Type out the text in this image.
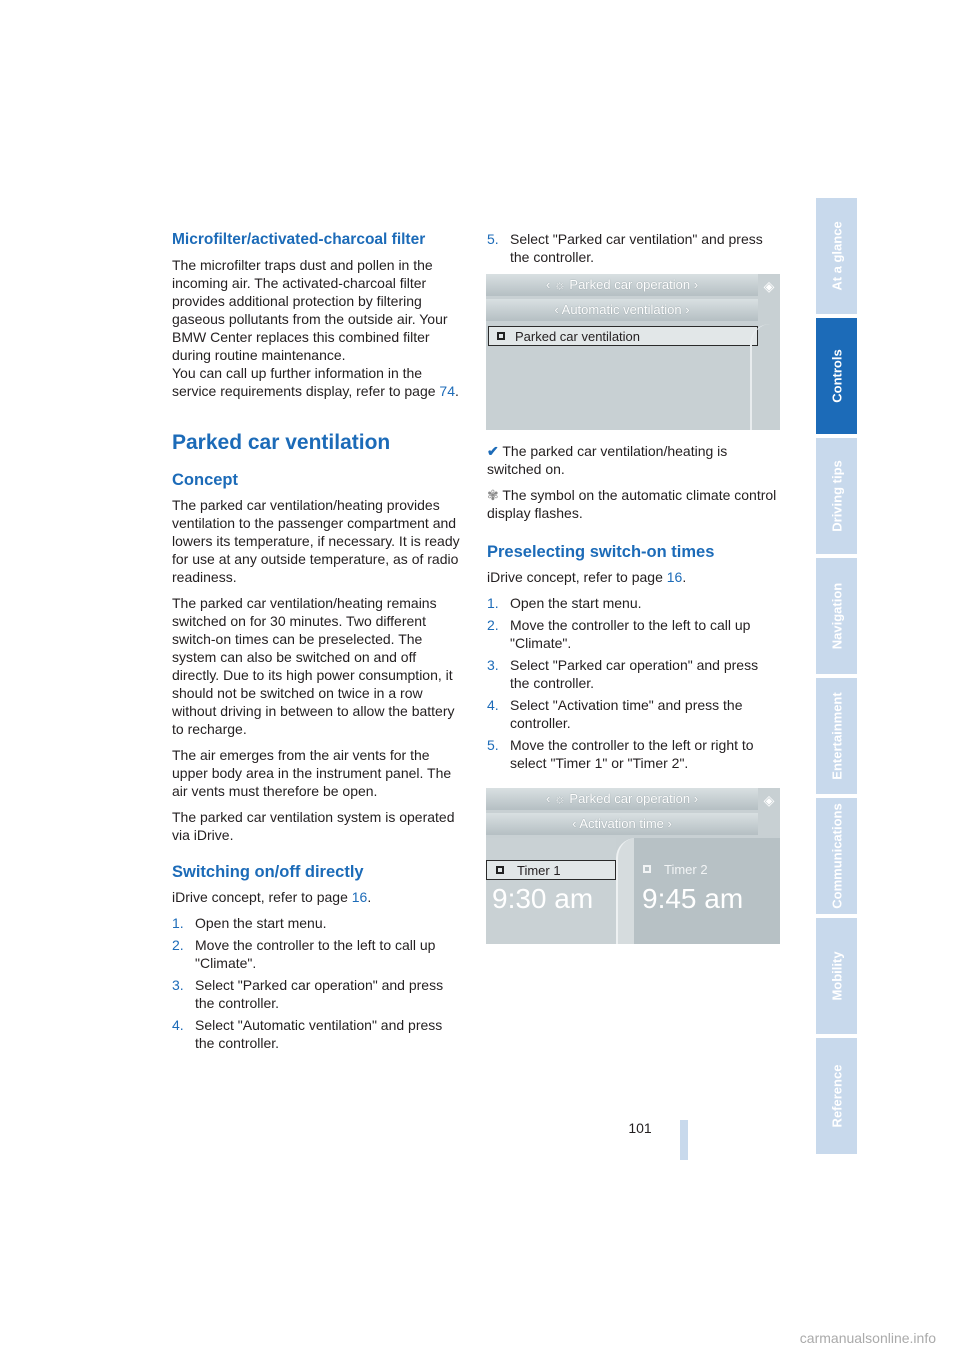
Microfilter/activated-charcoal filter

The microfilter traps dust and pollen in the incoming air. The activated-charcoal filter provides additional protection by filtering gaseous pollutants from the outside air. Your BMW Center replaces this combined filter during routine maintenance.

You can call up further information in the service requirements display, refer to page 74.

Parked car ventilation
Concept

The parked car ventilation/heating provides ventilation to the passenger compartment and lowers its temperature, if necessary. It is ready for use at any outside temperature, as of radio readiness.

The parked car ventilation/heating remains switched on for 30 minutes. Two different switch-on times can be preselected. The system can also be switched on and off directly. Due to its high power consumption, it should not be switched on twice in a row without driving in between to allow the battery to recharge.

The air emerges from the air vents for the upper body area in the instrument panel. The air vents must therefore be open.

The parked car ventilation system is operated via iDrive.

Switching on/off directly

iDrive concept, refer to page 16.

1. Open the start menu.
2. Move the controller to the left to call up "Climate".
3. Select "Parked car operation" and press the controller.
4. Select "Automatic ventilation" and press the controller.
5. Select "Parked car ventilation" and press the controller.
‹ ☼ Parked car operation ›	◈
‹ Automatic ventilation ›
Parked car ventilation

✔ The parked car ventilation/heating is switched on.

✾ The symbol on the automatic climate control display flashes.

Preselecting switch-on times

iDrive concept, refer to page 16.

1. Open the start menu.
2. Move the controller to the left to call up "Climate".
3. Select "Parked car operation" and press the controller.
4. Select "Activation time" and press the controller.
5. Move the controller to the left or right to select "Timer 1" or "Timer 2".
‹ ☼ Parked car operation ›	◈
‹ Activation time ›
Timer 1
9:30 am
Timer 2
9:45 am
101
At a glance
Controls
Driving tips
Navigation
Entertainment
Communications
Mobility
Reference
carmanualsonline.info
